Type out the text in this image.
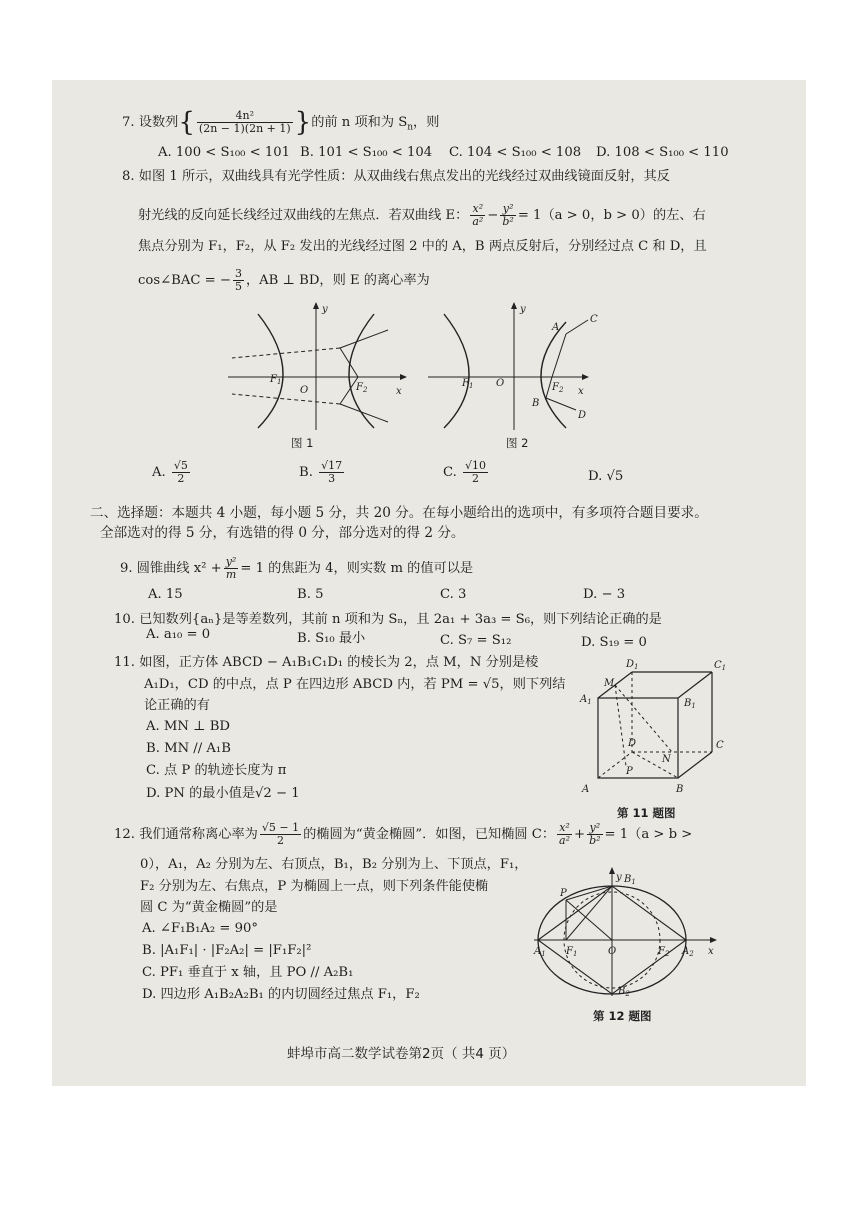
7. 设数列{ $\frac{\text{4n²}}{(2n - 1)(2n + 1)}$ }的前 n 项和为 $S_n$，则
A. 100 < S₁₀₀ < 101 B. 101 < S₁₀₀ < 104 C. 104 < S₁₀₀ < 108 D. 108 < S₁₀₀ < 110
8. 如图 1 所示，双曲线具有光学性质：从双曲线右焦点发出的光线经过双曲线镜面反射，其反
射光线的反向延长线经过双曲线的左焦点．若双曲线 E： $\frac{\text{x²}}{\text{a²}} - \frac{\text{y²}}{\text{b²}} = 1(a > 0$，b > 0）的左、右
焦点分别为 F₁，F₂，从 F₂ 发出的光线经过图 2 中的 A，B 两点反射后，分别经过点 C 和 D，且
cos∠BAC = − $\frac{3}{5}$ ，AB ⊥ BD，则 E 的离心率为
y
x
O
$F_1$	$F_2$
图 1
y
x
O
$F_1$	$F_2$
A
C
B
D
图 2
A. $\frac{√5}{2}$	B. $\frac{√17}{3}$	C. $\frac{√10}{2}$	D. √5
二、选择题：本题共 4 小题，每小题 5 分，共 20 分。在每小题给出的选项中，有多项符合题目要求。
全部选对的得 5 分，有选错的得 0 分，部分选对的得 2 分。
9. 圆锥曲线 $x^2 + \frac{\text{y²}}{m} = 1$ 的焦距为 4，则实数 m 的值可以是
A. 15	B. 5	C. 3	D. − 3
10. 已知数列{aₙ}是等差数列，其前 n 项和为 Sₙ，且 2a₁ + 3a₃ = S₆，则下列结论正确的是
A. a₁₀ = 0	B. S₁₀ 最小	C. S₇ = S₁₂	D. S₁₉ = 0
11. 如图，正方体 ABCD − A₁B₁C₁D₁ 的棱长为 2，点 M，N 分别是棱
A₁D₁，CD 的中点，点 P 在四边形 ABCD 内，若 PM = √5，则下列结
论正确的有
A. MN ⊥ BD
B. MN // A₁B
C. 点 P 的轨迹长度为 π
D. PN 的最小值是√2 − 1
M
$D_1$	$C_1$
$A_1$	$B_1$
D	C
N
P
A	B
第 11 题图
12. 我们通常称离心率为 $\frac{√5 - 1}{2}$ 的椭圆为“黄金椭圆”．如图，已知椭圆 C： $\frac{\text{x²}}{\text{a²}} + \frac{\text{y²}}{\text{b²}} = 1(a > b$ >
0），A₁，A₂ 分别为左、右顶点，B₁，B₂ 分别为上、下顶点，F₁，
F₂ 分别为左、右焦点，P 为椭圆上一点，则下列条件能使椭
圆 C 为“黄金椭圆”的是
A. ∠F₁B₁A₂ = 90°
B. |A₁F₁| · |F₂A₂| = |F₁F₂|²
C. PF₁ 垂直于 x 轴，且 PO // A₂B₁
D. 四边形 A₁B₂A₂B₁ 的内切圆经过焦点 F₁，F₂
y $B_1$
P
$A_1$ $F_1$	O	$F_2$ $A_2$ x
$B_2$
第 12 题图
蚌埠市高二数学试卷第2页（ 共4 页）
